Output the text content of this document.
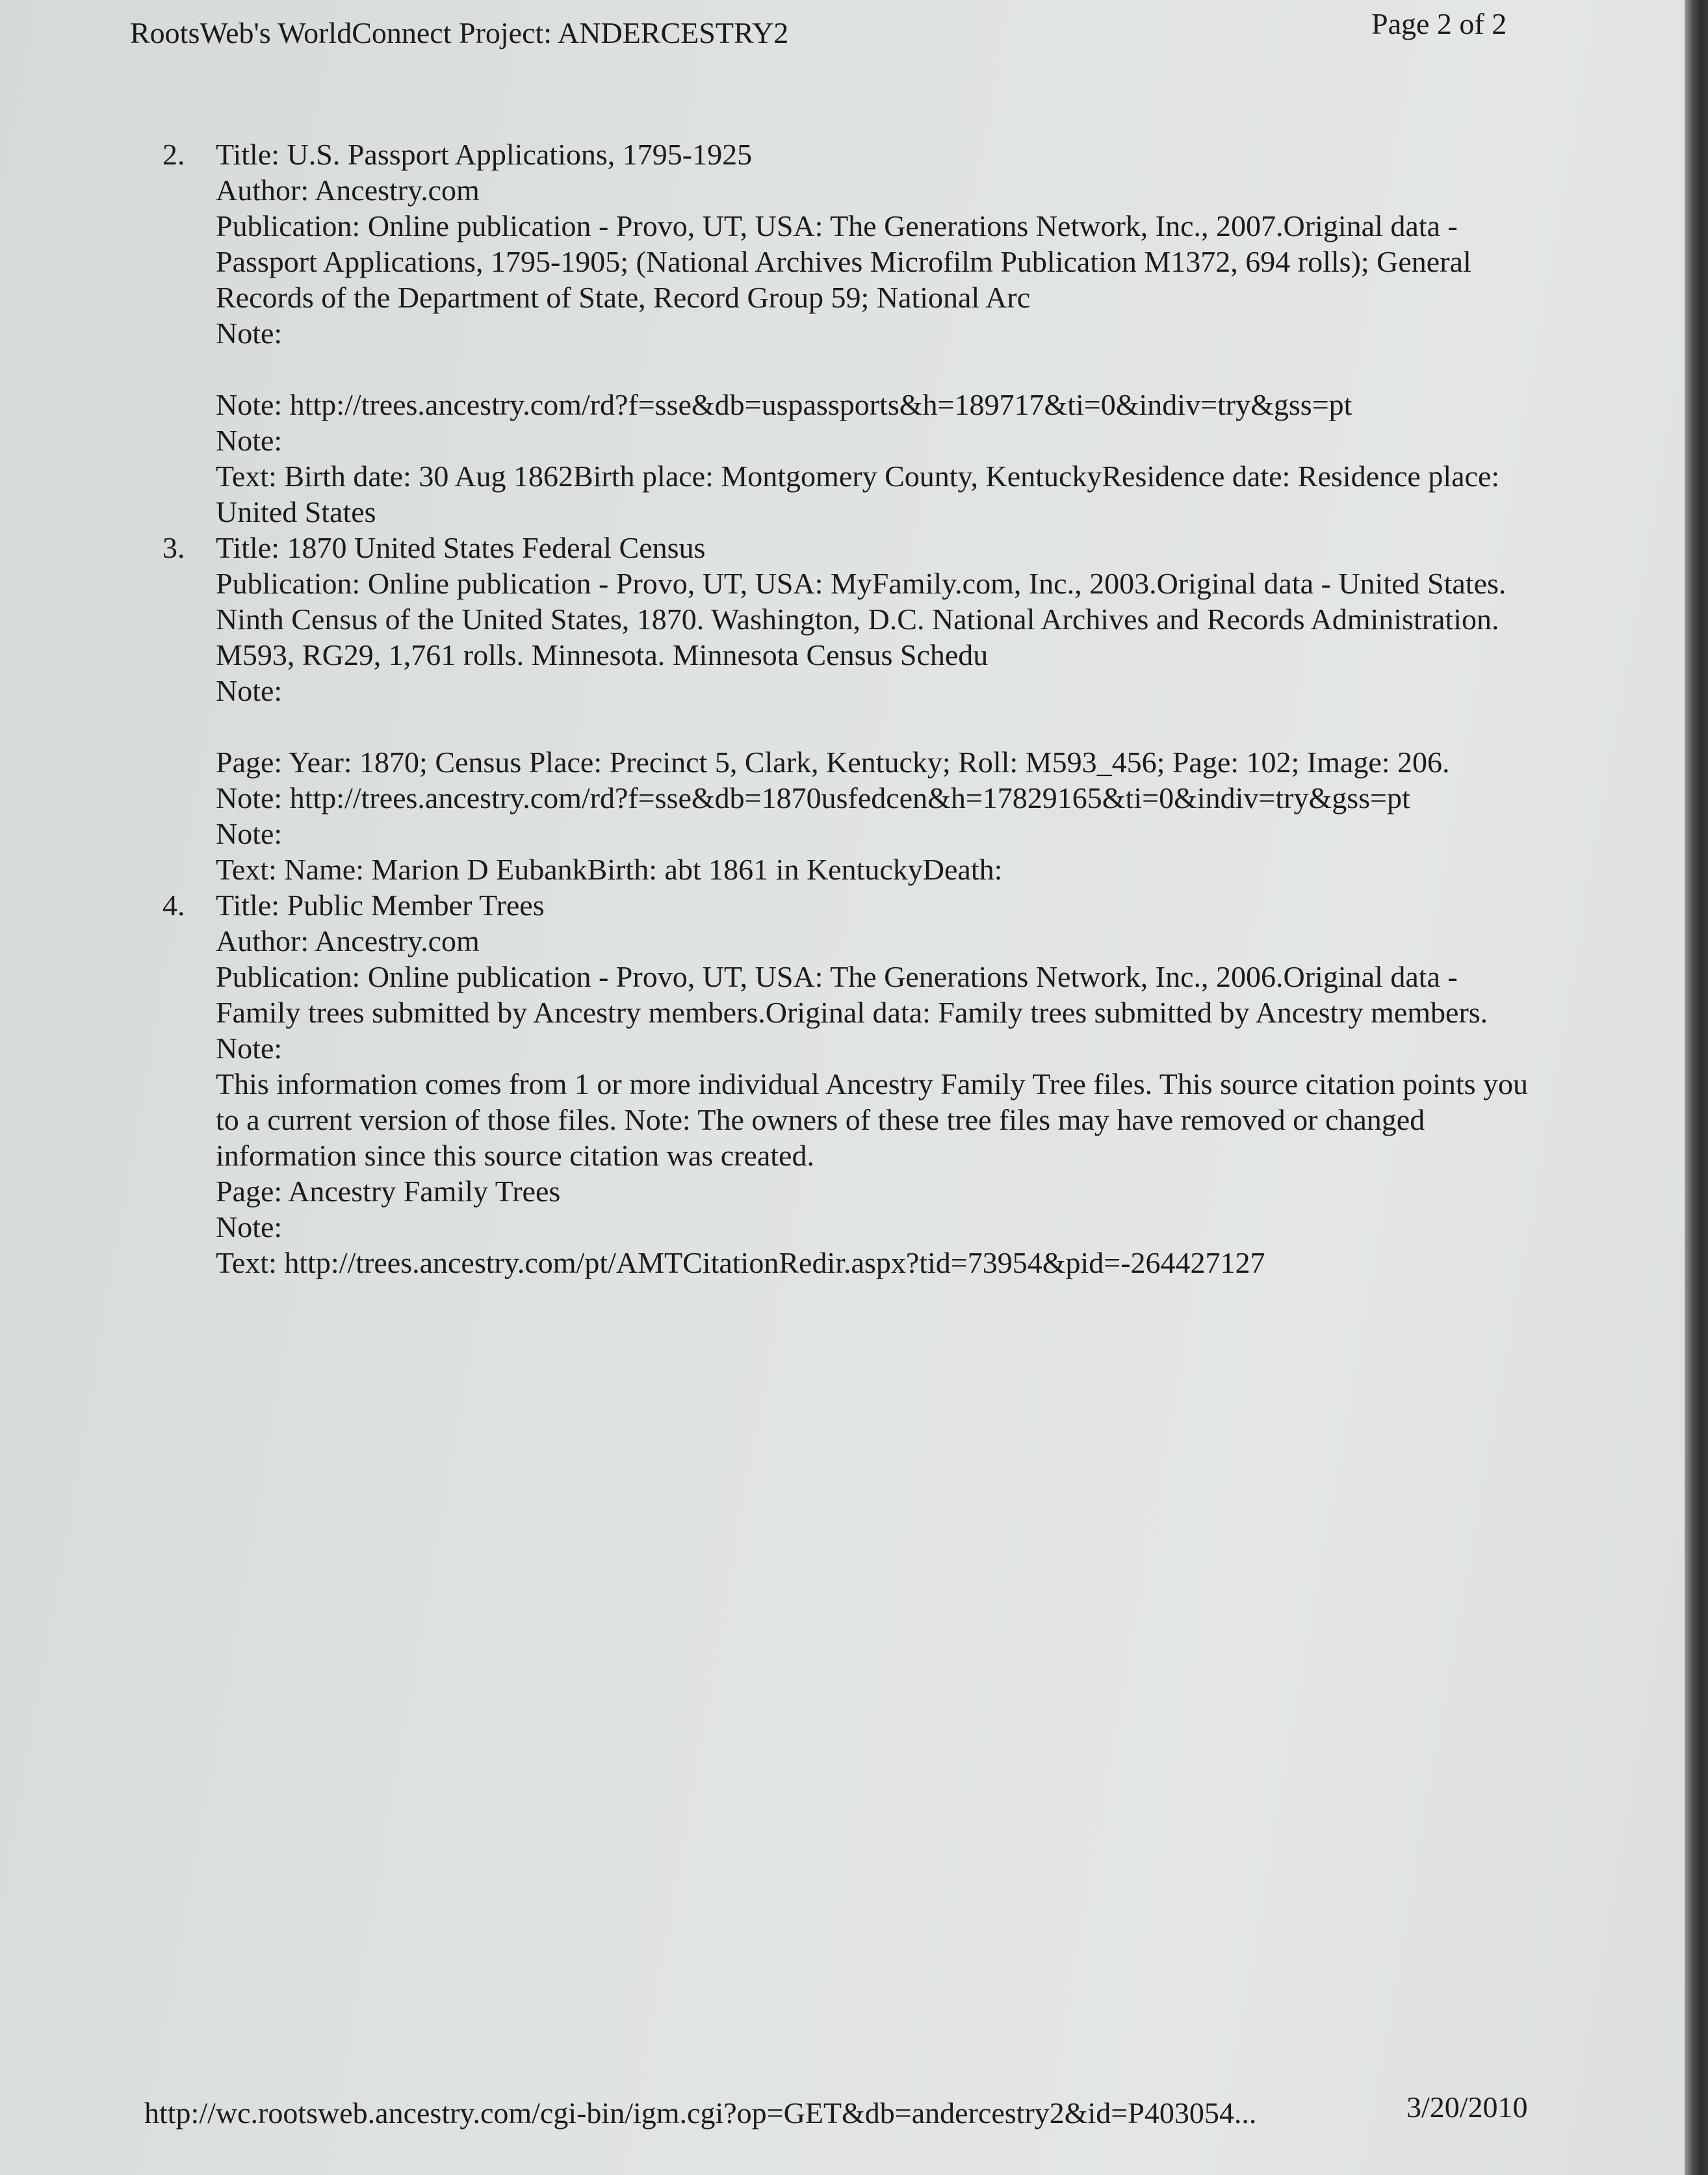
RootsWeb's WorldConnect Project: ANDERCESTRY2	Page 2 of 2
2.	Title: U.S. Passport Applications, 1795-1925
Author: Ancestry.com
Publication: Online publication - Provo, UT, USA: The Generations Network, Inc., 2007.Original data - Passport Applications, 1795-1905; (National Archives Microfilm Publication M1372, 694 rolls); General Records of the Department of State, Record Group 59; National Arc
Note:
Note: http://trees.ancestry.com/rd?f=sse&db=uspassports&h=189717&ti=0&indiv=try&gss=pt
Note:
Text: Birth date: 30 Aug 1862Birth place: Montgomery County, KentuckyResidence date: Residence place: United States
3.	Title: 1870 United States Federal Census
Publication: Online publication - Provo, UT, USA: MyFamily.com, Inc., 2003.Original data - United States. Ninth Census of the United States, 1870. Washington, D.C. National Archives and Records Administration. M593, RG29, 1,761 rolls. Minnesota. Minnesota Census Schedu
Note:
Page: Year: 1870; Census Place: Precinct 5, Clark, Kentucky; Roll: M593_456; Page: 102; Image: 206.
Note: http://trees.ancestry.com/rd?f=sse&db=1870usfedcen&h=17829165&ti=0&indiv=try&gss=pt
Note:
Text: Name: Marion D EubankBirth: abt 1861 in KentuckyDeath:
4.	Title: Public Member Trees
Author: Ancestry.com
Publication: Online publication - Provo, UT, USA: The Generations Network, Inc., 2006.Original data - Family trees submitted by Ancestry members.Original data: Family trees submitted by Ancestry members.
Note:
This information comes from 1 or more individual Ancestry Family Tree files. This source citation points you to a current version of those files. Note: The owners of these tree files may have removed or changed information since this source citation was created.
Page: Ancestry Family Trees
Note:
Text: http://trees.ancestry.com/pt/AMTCitationRedir.aspx?tid=73954&pid=-264427127
http://wc.rootsweb.ancestry.com/cgi-bin/igm.cgi?op=GET&db=andercestry2&id=P403054...	3/20/2010
